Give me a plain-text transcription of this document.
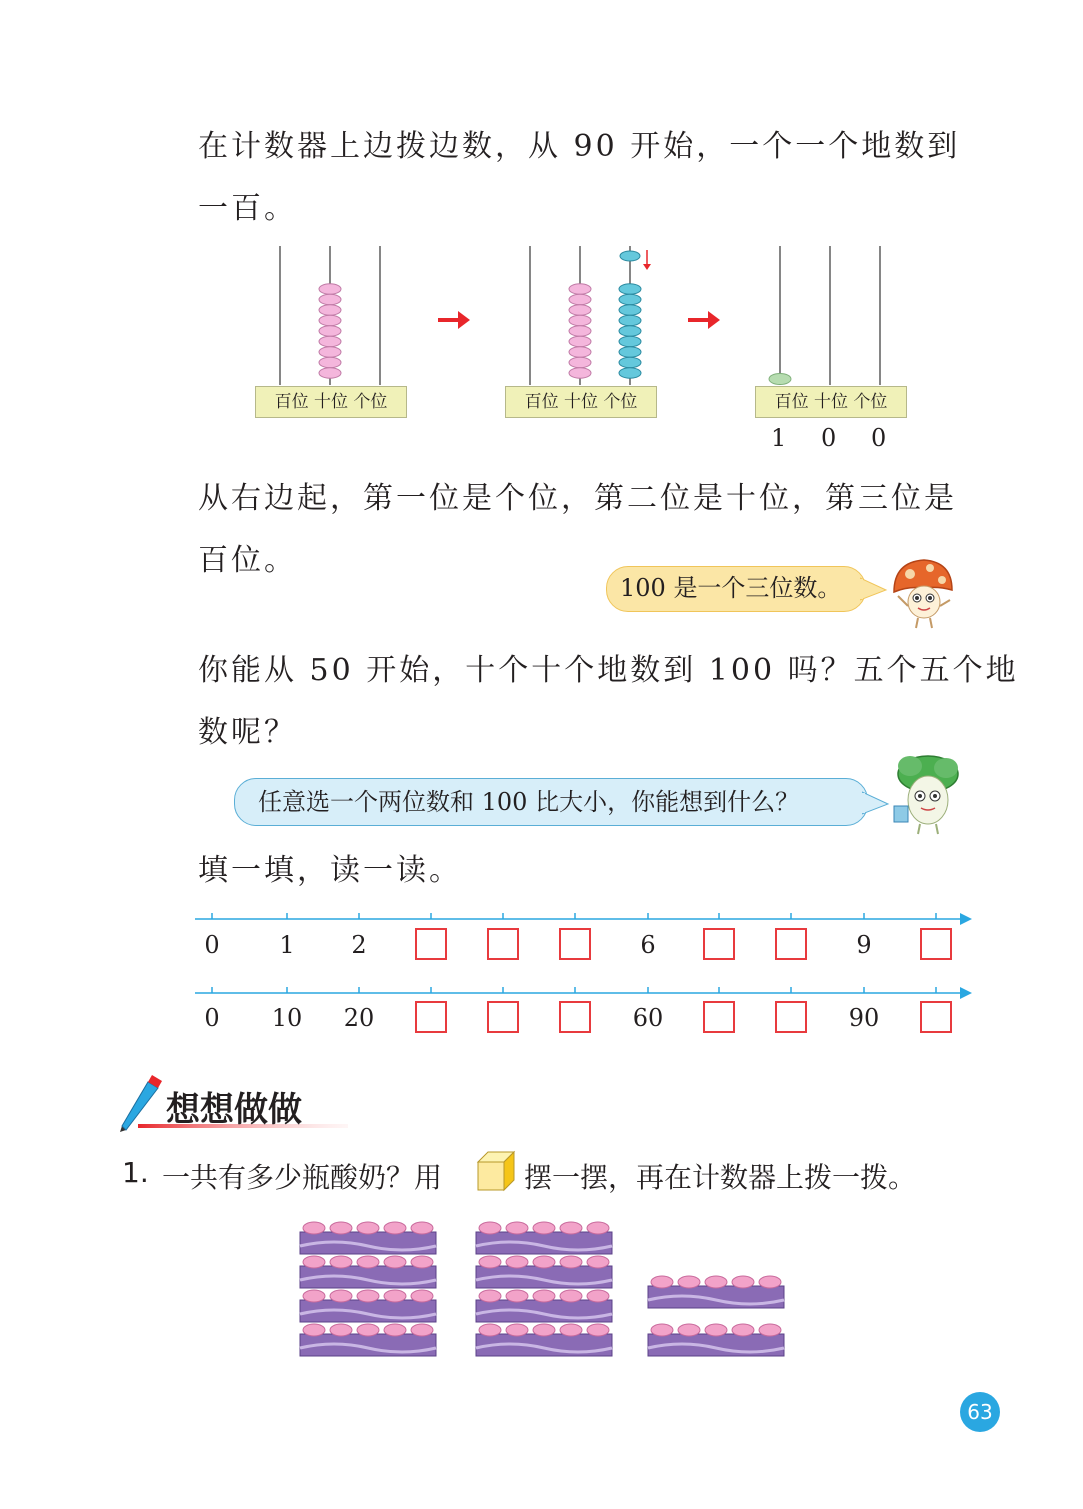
在计数器上边拨边数，从 90 开始，一个一个地数到
一百。
百位 十位 个位	百位 十位 个位	百位 十位 个位
1 0 0
从右边起，第一位是个位，第二位是十位，第三位是
百位。
100 是一个三位数。
你能从 50 开始，十个十个地数到 100 吗？五个五个地
数呢？
任意选一个两位数和 100 比大小，你能想到什么？
填一填，读一读。
0	1	2	6	9
0	10	20	60	90
想想做做
1. 一共有多少瓶酸奶？用	摆一摆，再在计数器上拨一拨。
63
